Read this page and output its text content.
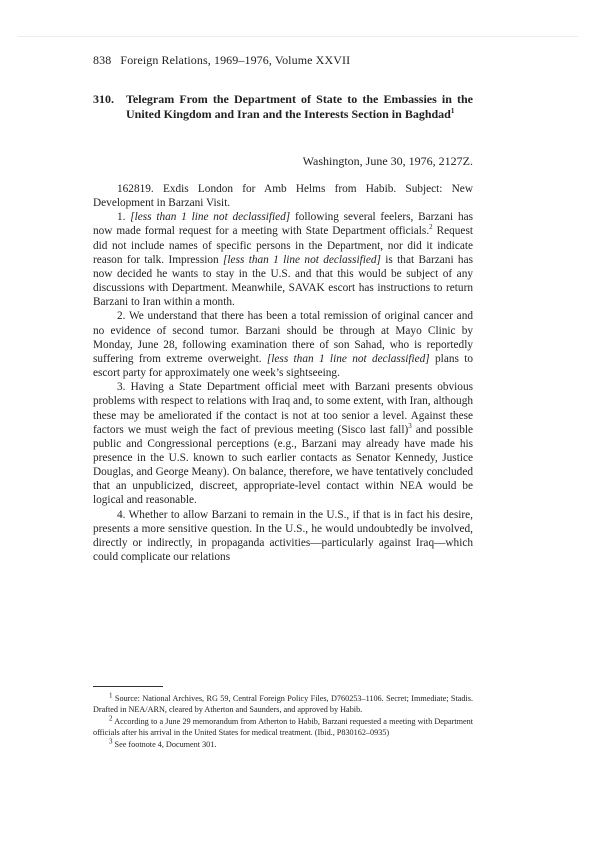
838 Foreign Relations, 1969–1976, Volume XXVII
310. Telegram From the Department of State to the Embassies in the United Kingdom and Iran and the Interests Section in Baghdad$^1$
Washington, June 30, 1976, 2127Z.

162819. Exdis London for Amb Helms from Habib. Subject: New Development in Barzani Visit.

1. [less than 1 line not declassified] following several feelers, Barzani has now made formal request for a meeting with State Department officials.$^2$ Request did not include names of specific persons in the Department, nor did it indicate reason for talk. Impression [less than 1 line not declassified] is that Barzani has now decided he wants to stay in the U.S. and that this would be subject of any discussions with Department. Meanwhile, SAVAK escort has instructions to return Barzani to Iran within a month.

2. We understand that there has been a total remission of original cancer and no evidence of second tumor. Barzani should be through at Mayo Clinic by Monday, June 28, following examination there of son Sahad, who is reportedly suffering from extreme overweight. [less than 1 line not declassified] plans to escort party for approximately one week’s sightseeing.

3. Having a State Department official meet with Barzani presents obvious problems with respect to relations with Iraq and, to some extent, with Iran, although these may be ameliorated if the contact is not at too senior a level. Against these factors we must weigh the fact of previous meeting (Sisco last fall)$^3$ and possible public and Congressional perceptions (e.g., Barzani may already have made his presence in the U.S. known to such earlier contacts as Senator Kennedy, Justice Douglas, and George Meany). On balance, therefore, we have tentatively concluded that an unpublicized, discreet, appropriate-level contact within NEA would be logical and reasonable.

4. Whether to allow Barzani to remain in the U.S., if that is in fact his desire, presents a more sensitive question. In the U.S., he would undoubtedly be involved, directly or indirectly, in propaganda activities—particularly against Iraq—which could complicate our relations

$^1$ Source: National Archives, RG 59, Central Foreign Policy Files, D760253–1106. Secret; Immediate; Stadis. Drafted in NEA/ARN, cleared by Atherton and Saunders, and approved by Habib.

$^2$ According to a June 29 memorandum from Atherton to Habib, Barzani requested a meeting with Department officials after his arrival in the United States for medical treatment. (Ibid., P830162–0935)

$^3$ See footnote 4, Document 301.
